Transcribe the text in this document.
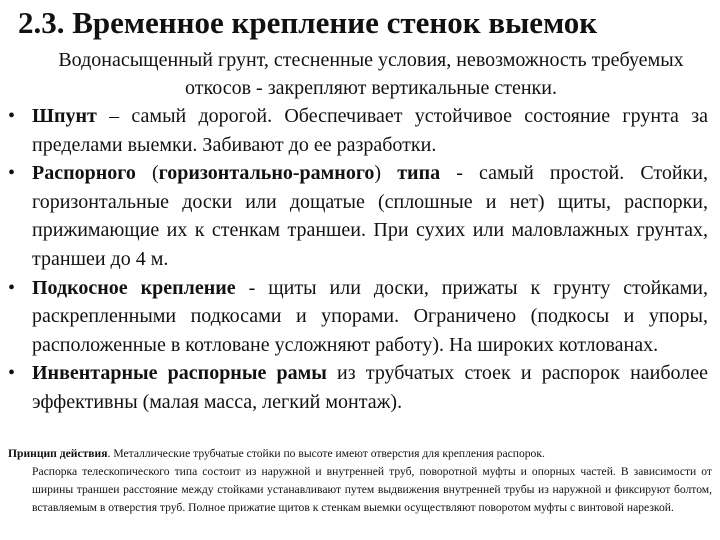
2.3. Временное крепление стенок выемок
Водонасыщенный грунт, стесненные условия, невозможность требуемых откосов - закрепляют вертикальные стенки.
• Шпунт – самый дорогой. Обеспечивает устойчивое состояние грунта за пределами выемки. Забивают до ее разработки.
• Распорного (горизонтально-рамного) типа - самый простой. Стойки, горизонтальные доски или дощатые (сплошные и нет) щиты, распорки, прижимающие их к стенкам траншеи. При сухих или маловлажных грунтах, траншеи до 4 м.
• Подкосное крепление - щиты или доски, прижаты к грунту стойками, раскрепленными подкосами и упорами. Ограничено (подкосы и упоры, расположенные в котловане усложняют работу). На широких котлованах.
• Инвентарные распорные рамы из трубчатых стоек и распорок наиболее эффективны (малая масса, легкий монтаж).
Принцип действия. Металлические трубчатые стойки по высоте имеют отверстия для крепления распорок.
Распорка телескопического типа состоит из наружной и внутренней труб, поворотной муфты и опорных частей. В зависимости от ширины траншеи расстояние между стойками устанавливают путем выдвижения внутренней трубы из наружной и фиксируют болтом, вставляемым в отверстия труб. Полное прижатие щитов к стенкам выемки осуществляют поворотом муфты с винтовой нарезкой.
